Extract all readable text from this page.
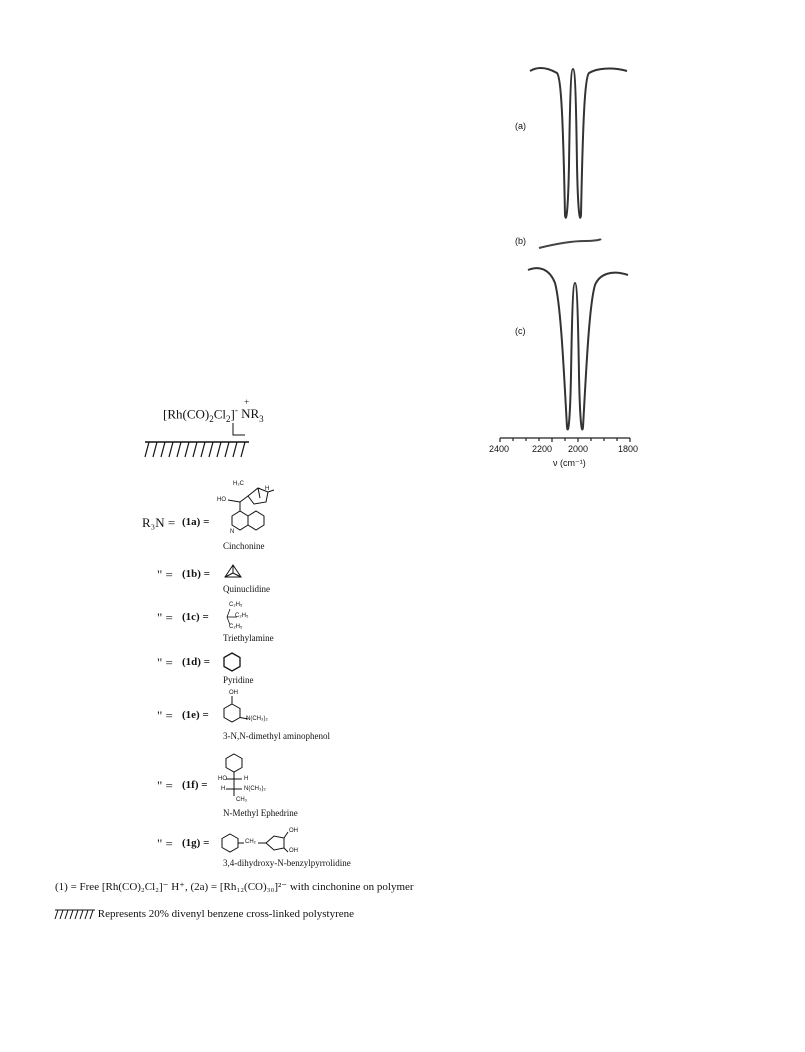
(a)
(b)
(c)
2400	2200 2000	1800
ν (cm⁻¹)
$[Rh(CO)_2Cl_2]^-$
+
$NR_3$
R₃N = (1a) =
H₂C
H
HO
N
Cinchonine
" = (1b) =
Quinuclidine
" = (1c) =
C₂H₅
C₂H₅
C₂H₅
Triethylamine
" = (1d) =
Pyridine
" = (1e) =
OH
N(CH₃)₂
3-N,N-dimethyl aminophenol
" = (1f) = HO	H
H	N(CH₃)₂
CH₃
N-Methyl Ephedrine
" = (1g) =	CH₂
OH
OH
3,4-dihydroxy-N-benzylpyrrolidine
(1) = Free [Rh(CO)₂Cl₂]⁻ H⁺, (2a) = [Rh₁₂(CO)₃₀]²⁻ with cinchonine on polymer
Represents 20% divenyl benzene cross-linked polystyrene
